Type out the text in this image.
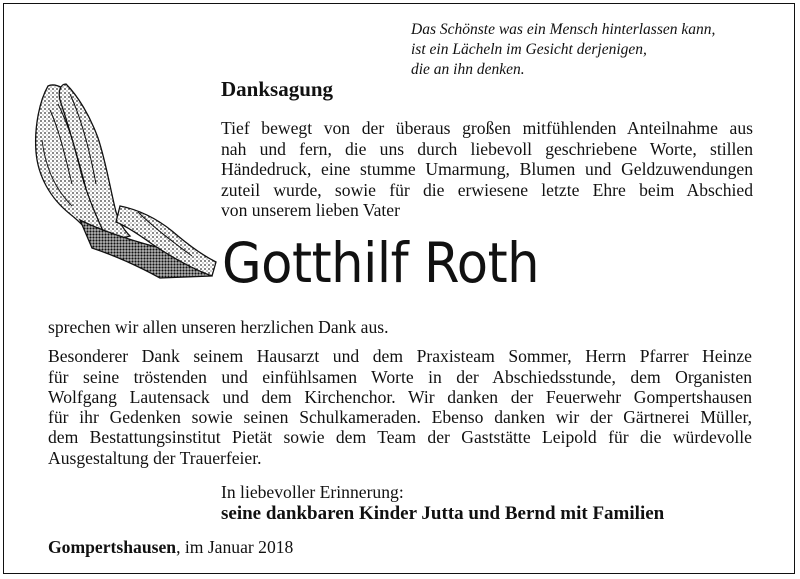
Das Schönste was ein Mensch hinterlassen kann,
ist ein Lächeln im Gesicht derjenigen,
die an ihn denken.
Danksagung
Tief bewegt von der überaus großen mitfühlenden Anteilnahme aus
nah und fern, die uns durch liebevoll geschriebene Worte, stillen
Händedruck, eine stumme Umarmung, Blumen und Geldzuwendungen
zuteil wurde, sowie für die erwiesene letzte Ehre beim Abschied
von unserem lieben Vater
Gotthilf Roth
sprechen wir allen unseren herzlichen Dank aus.
Besonderer Dank seinem Hausarzt und dem Praxisteam Sommer, Herrn Pfarrer Heinze
für seine tröstenden und einfühlsamen Worte in der Abschiedsstunde, dem Organisten
Wolfgang Lautensack und dem Kirchenchor. Wir danken der Feuerwehr Gompertshausen
für ihr Gedenken sowie seinen Schulkameraden. Ebenso danken wir der Gärtnerei Müller,
dem Bestattungsinstitut Pietät sowie dem Team der Gaststätte Leipold für die würdevolle
Ausgestaltung der Trauerfeier.
In liebevoller Erinnerung:
seine dankbaren Kinder Jutta und Bernd mit Familien
Gompertshausen, im Januar 2018
